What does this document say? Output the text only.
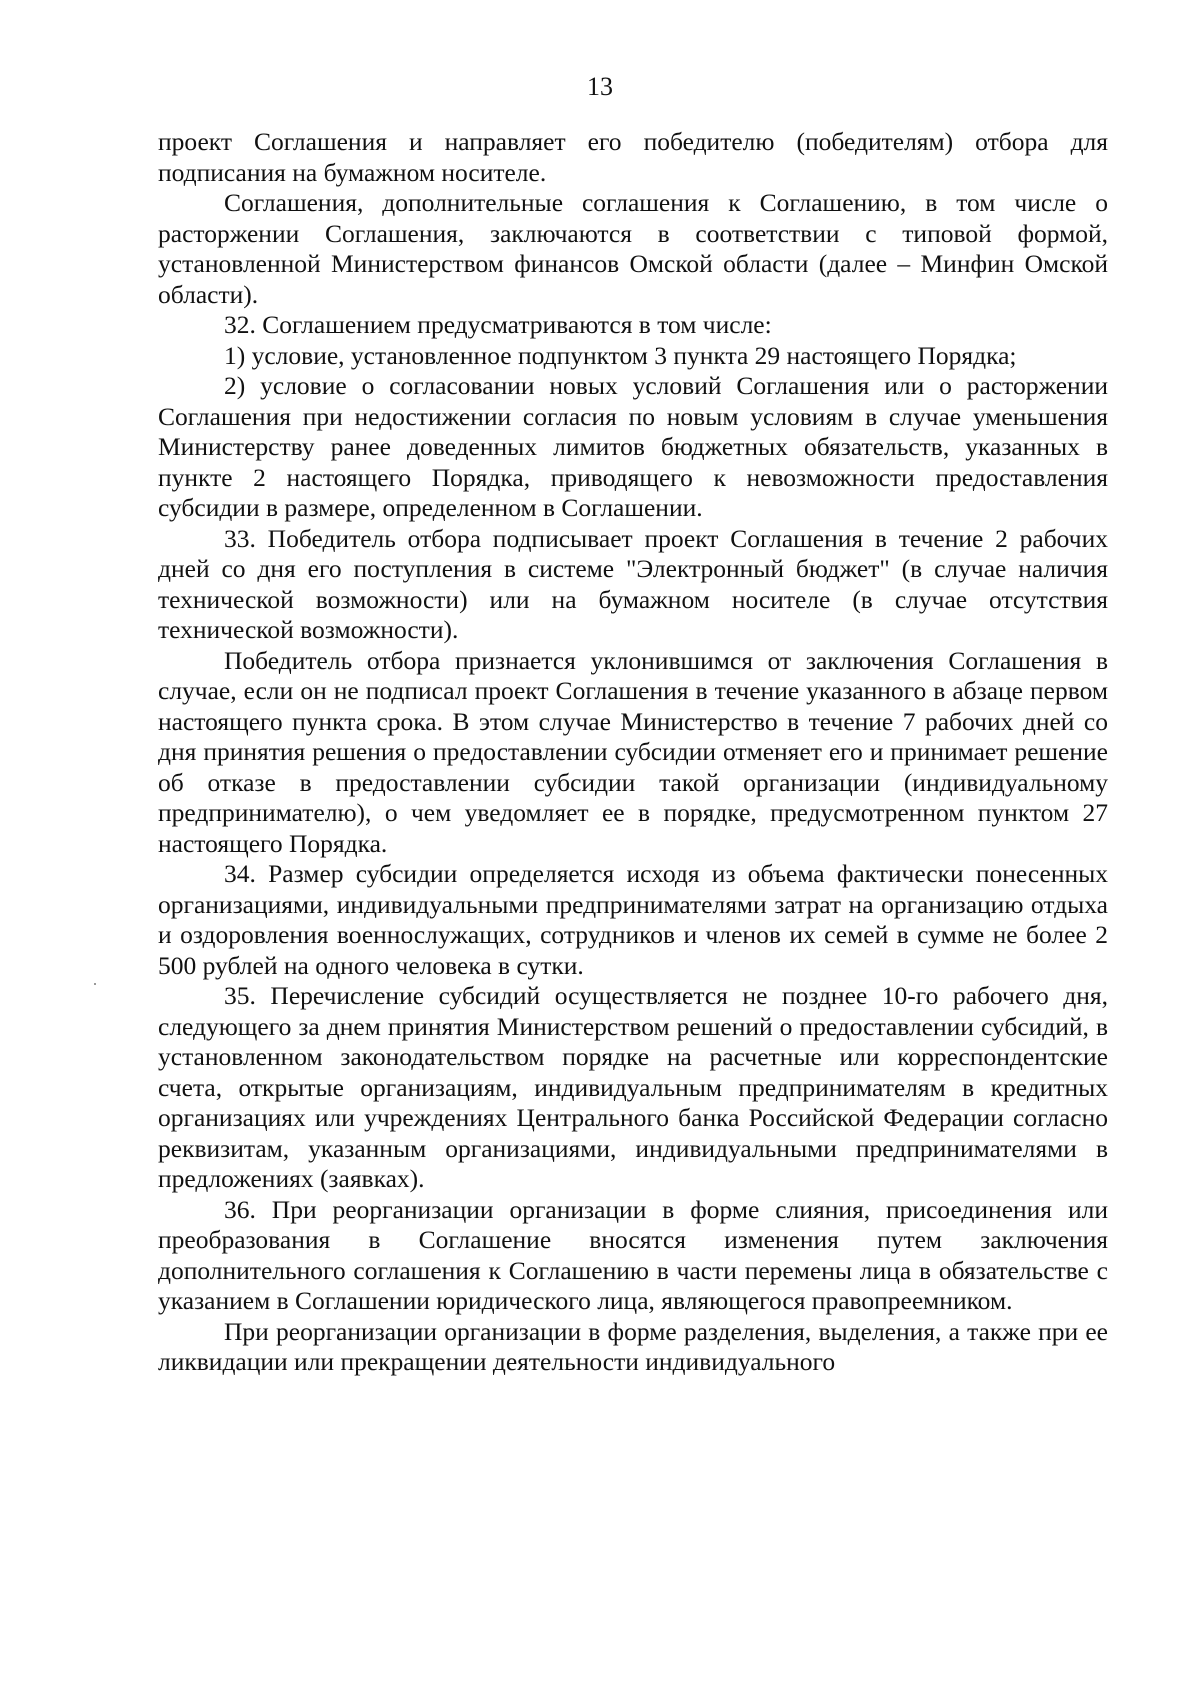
13

проект Соглашения и направляет его победителю (победителям) отбора для подписания на бумажном носителе.

Соглашения, дополнительные соглашения к Соглашению, в том числе о расторжении Соглашения, заключаются в соответствии с типовой формой, установленной Министерством финансов Омской области (далее – Минфин Омской области).

32. Соглашением предусматриваются в том числе:

1) условие, установленное подпунктом 3 пункта 29 настоящего Порядка;

2) условие о согласовании новых условий Соглашения или о расторжении Соглашения при недостижении согласия по новым условиям в случае уменьшения Министерству ранее доведенных лимитов бюджетных обязательств, указанных в пункте 2 настоящего Порядка, приводящего к невозможности предоставления субсидии в размере, определенном в Соглашении.

33. Победитель отбора подписывает проект Соглашения в течение 2 рабочих дней со дня его поступления в системе "Электронный бюджет" (в случае наличия технической возможности) или на бумажном носителе (в случае отсутствия технической возможности).

Победитель отбора признается уклонившимся от заключения Соглашения в случае, если он не подписал проект Соглашения в течение указанного в абзаце первом настоящего пункта срока. В этом случае Министерство в течение 7 рабочих дней со дня принятия решения о предоставлении субсидии отменяет его и принимает решение об отказе в предоставлении субсидии такой организации (индивидуальному предпринимателю), о чем уведомляет ее в порядке, предусмотренном пунктом 27 настоящего Порядка.

34. Размер субсидии определяется исходя из объема фактически понесенных организациями, индивидуальными предпринимателями затрат на организацию отдыха и оздоровления военнослужащих, сотрудников и членов их семей в сумме не более 2 500 рублей на одного человека в сутки.

35. Перечисление субсидий осуществляется не позднее 10-го рабочего дня, следующего за днем принятия Министерством решений о предоставлении субсидий, в установленном законодательством порядке на расчетные или корреспондентские счета, открытые организациям, индивидуальным предпринимателям в кредитных организациях или учреждениях Центрального банка Российской Федерации согласно реквизитам, указанным организациями, индивидуальными предпринимателями в предложениях (заявках).

36. При реорганизации организации в форме слияния, присоединения или преобразования в Соглашение вносятся изменения путем заключения дополнительного соглашения к Соглашению в части перемены лица в обязательстве с указанием в Соглашении юридического лица, являющегося правопреемником.

При реорганизации организации в форме разделения, выделения, а также при ее ликвидации или прекращении деятельности индивидуального
